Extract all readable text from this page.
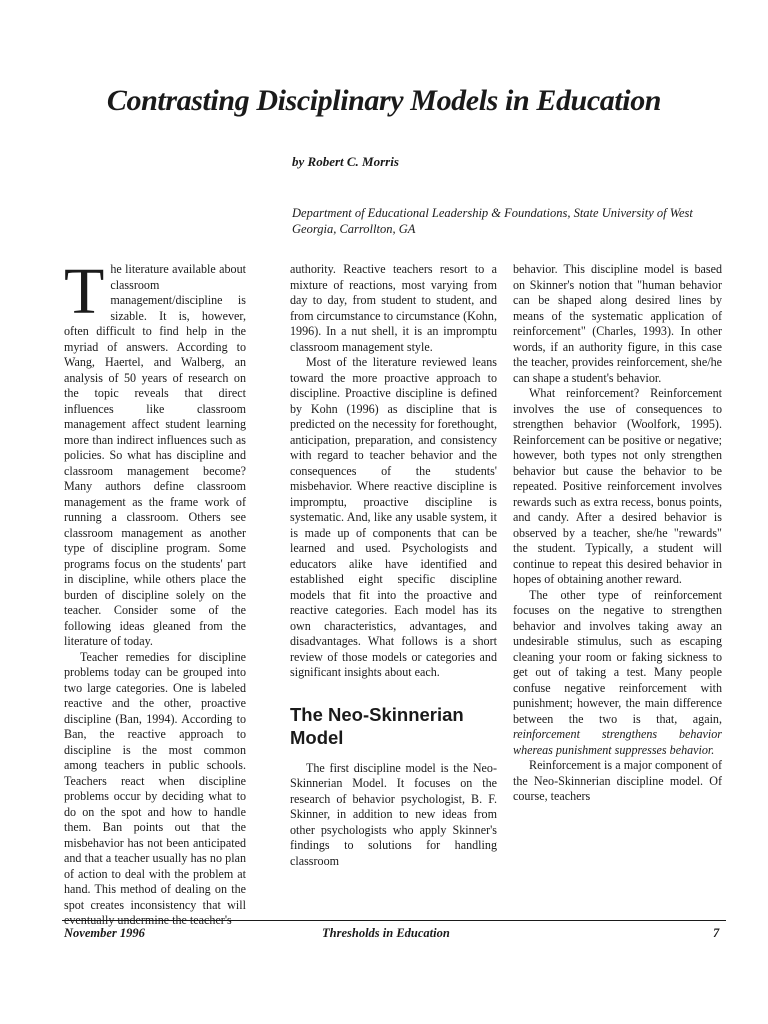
Contrasting Disciplinary Models in Education
by Robert C. Morris
Department of Educational Leadership & Foundations, State University of West Georgia, Carrollton, GA

The literature available about classroom management/discipline is sizable. It is, however, often difficult to find help in the myriad of answers. According to Wang, Haertel, and Walberg, an analysis of 50 years of research on the topic reveals that direct influences like classroom management affect student learning more than indirect influences such as policies. So what has discipline and classroom management become? Many authors define classroom management as the frame work of running a classroom. Others see classroom management as another type of discipline program. Some programs focus on the students' part in discipline, while others place the burden of discipline solely on the teacher. Consider some of the following ideas gleaned from the literature of today.

Teacher remedies for discipline problems today can be grouped into two large categories. One is labeled reactive and the other, proactive discipline (Ban, 1994). According to Ban, the reactive approach to discipline is the most common among teachers in public schools. Teachers react when discipline problems occur by deciding what to do on the spot and how to handle them. Ban points out that the misbehavior has not been anticipated and that a teacher usually has no plan of action to deal with the problem at hand. This method of dealing on the spot creates inconsistency that will eventually undermine the teacher's

authority. Reactive teachers resort to a mixture of reactions, most varying from day to day, from student to student, and from circumstance to circumstance (Kohn, 1996). In a nut shell, it is an impromptu classroom management style.

Most of the literature reviewed leans toward the more proactive approach to discipline. Proactive discipline is defined by Kohn (1996) as discipline that is predicted on the necessity for forethought, anticipation, preparation, and consistency with regard to teacher behavior and the consequences of the students' misbehavior. Where reactive discipline is impromptu, proactive discipline is systematic. And, like any usable system, it is made up of components that can be learned and used. Psychologists and educators alike have identified and established eight specific discipline models that fit into the proactive and reactive categories. Each model has its own characteristics, advantages, and disadvantages. What follows is a short review of those models or categories and significant insights about each.

The Neo-Skinnerian Model

The first discipline model is the Neo-Skinnerian Model. It focuses on the research of behavior psychologist, B. F. Skinner, in addition to new ideas from other psychologists who apply Skinner's findings to solutions for handling classroom

behavior. This discipline model is based on Skinner's notion that "human behavior can be shaped along desired lines by means of the systematic application of reinforcement" (Charles, 1993). In other words, if an authority figure, in this case the teacher, provides reinforcement, she/he can shape a student's behavior.

What reinforcement? Reinforcement involves the use of consequences to strengthen behavior (Woolfork, 1995). Reinforcement can be positive or negative; however, both types not only strengthen behavior but cause the behavior to be repeated. Positive reinforcement involves rewards such as extra recess, bonus points, and candy. After a desired behavior is observed by a teacher, she/he "rewards" the student. Typically, a student will continue to repeat this desired behavior in hopes of obtaining another reward.

The other type of reinforcement focuses on the negative to strengthen behavior and involves taking away an undesirable stimulus, such as escaping cleaning your room or faking sickness to get out of taking a test. Many people confuse negative reinforcement with punishment; however, the main difference between the two is that, again, reinforcement strengthens behavior whereas punishment suppresses behavior.

Reinforcement is a major component of the Neo-Skinnerian discipline model. Of course, teachers

November 1996	Thresholds in Education	7
